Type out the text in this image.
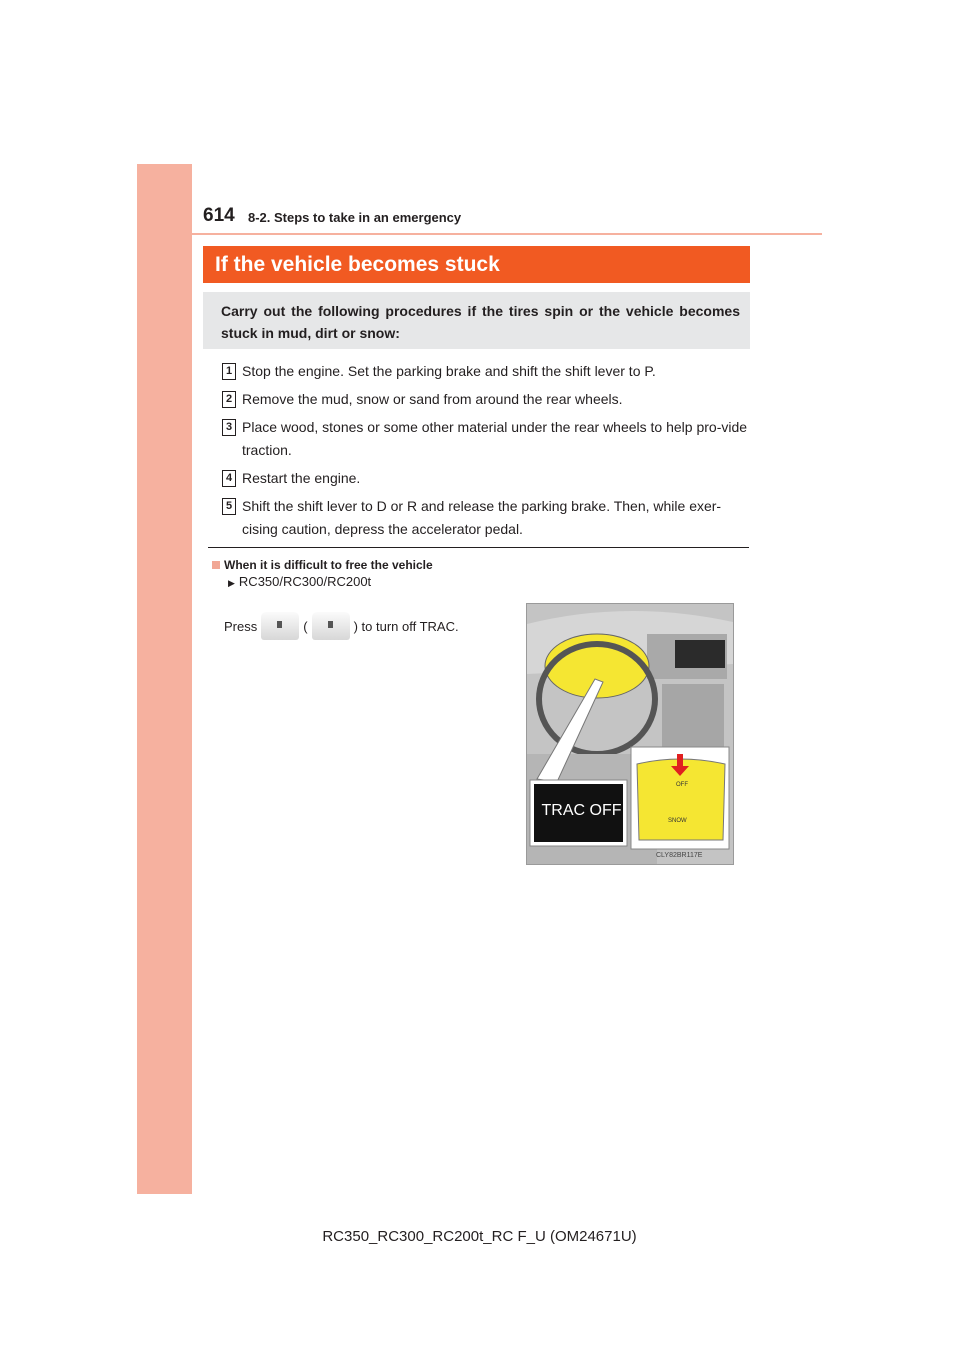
614 8-2. Steps to take in an emergency
If the vehicle becomes stuck
Carry out the following procedures if the tires spin or the vehicle becomes stuck in mud, dirt or snow:
1 Stop the engine. Set the parking brake and shift the shift lever to P.
2 Remove the mud, snow or sand from around the rear wheels.
3 Place wood, stones or some other material under the rear wheels to help pro-vide traction.
4 Restart the engine.
5 Shift the shift lever to D or R and release the parking brake. Then, while exer-cising caution, depress the accelerator pedal.
When it is difficult to free the vehicle
▶ RC350/RC300/RC200t
Press	(	) to turn off TRAC.
TRAC OFF
OFF
SNOW
CLY82BR117E
RC350_RC300_RC200t_RC F_U (OM24671U)
